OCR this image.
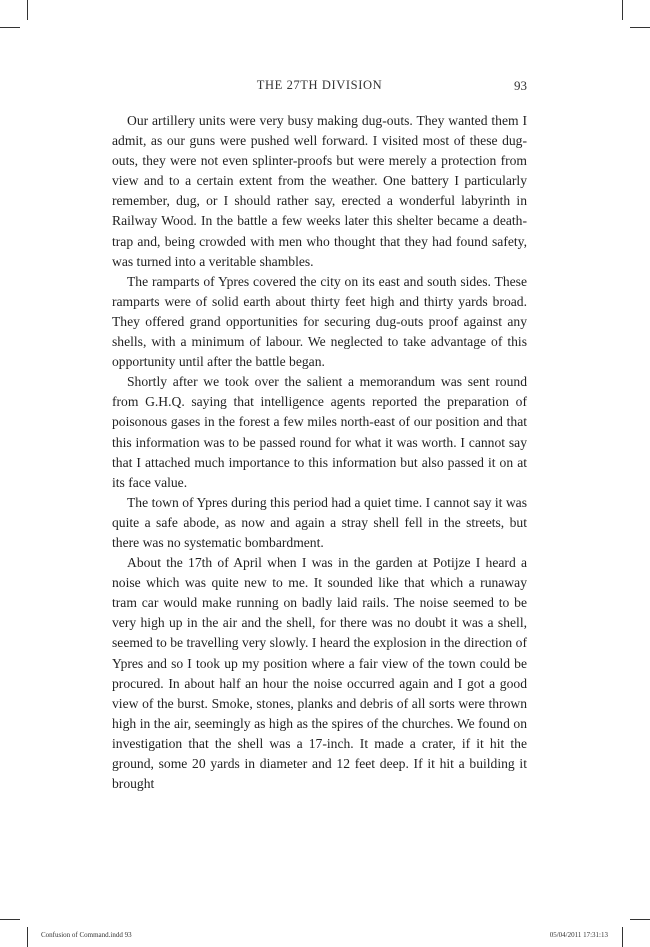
THE 27TH DIVISION	93

Our artillery units were very busy making dug-outs. They wanted them I admit, as our guns were pushed well forward. I visited most of these dug-outs, they were not even splinter-proofs but were merely a protection from view and to a certain extent from the weather. One battery I particularly remember, dug, or I should rather say, erected a wonderful labyrinth in Railway Wood. In the battle a few weeks later this shelter became a death-trap and, being crowded with men who thought that they had found safety, was turned into a veritable shambles.

The ramparts of Ypres covered the city on its east and south sides. These ramparts were of solid earth about thirty feet high and thirty yards broad. They offered grand opportunities for securing dug-outs proof against any shells, with a minimum of labour. We neglected to take advantage of this opportunity until after the battle began.

Shortly after we took over the salient a memorandum was sent round from G.H.Q. saying that intelligence agents reported the preparation of poisonous gases in the forest a few miles north-east of our position and that this information was to be passed round for what it was worth. I cannot say that I attached much importance to this information but also passed it on at its face value.

The town of Ypres during this period had a quiet time. I cannot say it was quite a safe abode, as now and again a stray shell fell in the streets, but there was no systematic bombardment.

About the 17th of April when I was in the garden at Potijze I heard a noise which was quite new to me. It sounded like that which a runaway tram car would make running on badly laid rails. The noise seemed to be very high up in the air and the shell, for there was no doubt it was a shell, seemed to be travelling very slowly. I heard the explosion in the direction of Ypres and so I took up my position where a fair view of the town could be procured. In about half an hour the noise occurred again and I got a good view of the burst. Smoke, stones, planks and debris of all sorts were thrown high in the air, seemingly as high as the spires of the churches. We found on investigation that the shell was a 17-inch. It made a crater, if it hit the ground, some 20 yards in diameter and 12 feet deep. If it hit a building it brought

Confusion of Command.indd 93	05/04/2011 17:31:13
